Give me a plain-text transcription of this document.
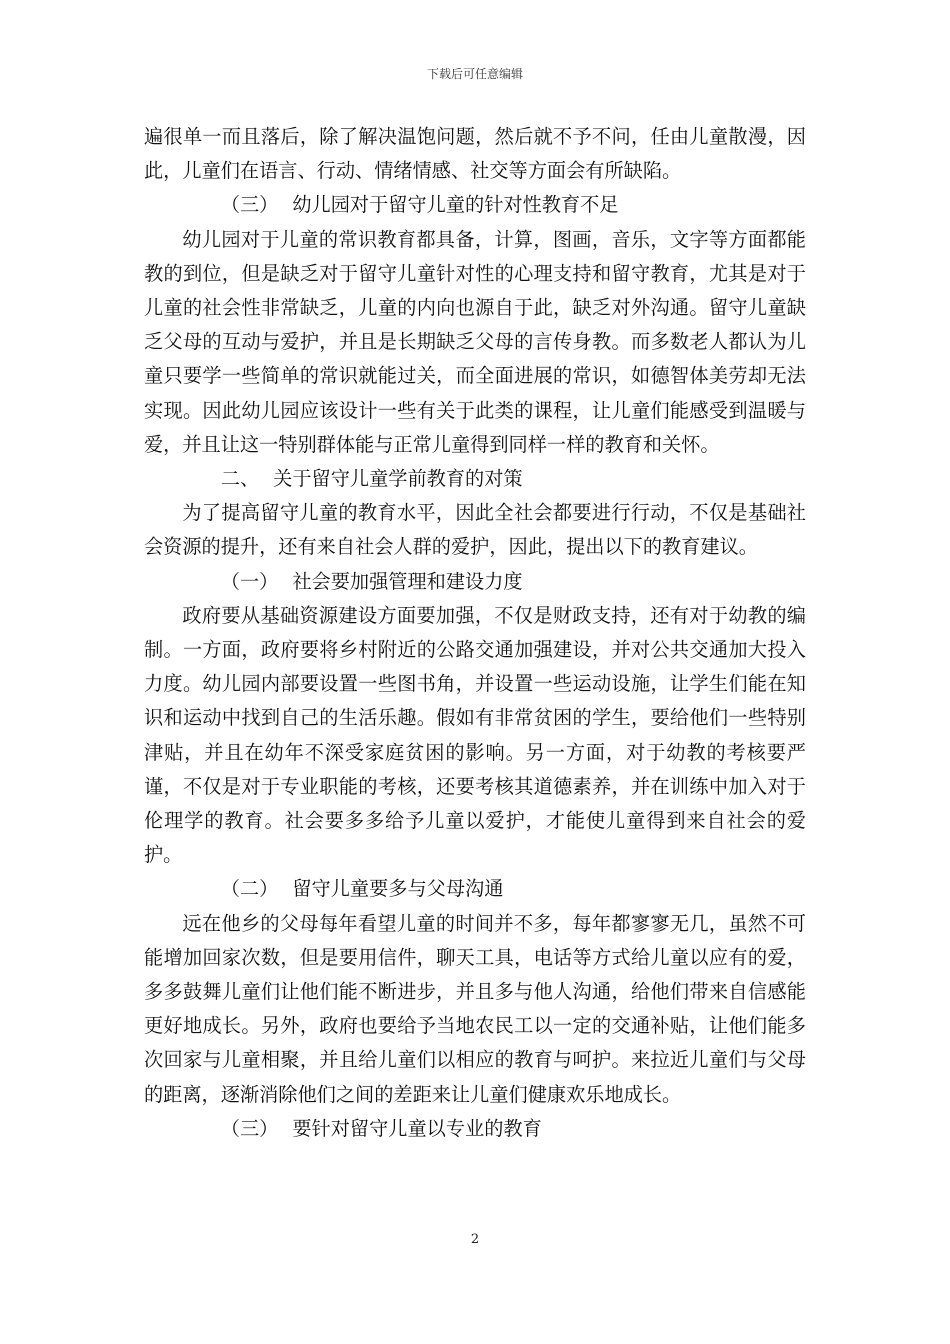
下载后可任意编辑

遍很单一而且落后，除了解决温饱问题，然后就不予不问，任由儿童散漫，因此，儿童们在语言、行动、情绪情感、社交等方面会有所缺陷。

（三） 幼儿园对于留守儿童的针对性教育不足

幼儿园对于儿童的常识教育都具备，计算，图画，音乐，文字等方面都能教的到位，但是缺乏对于留守儿童针对性的心理支持和留守教育，尤其是对于儿童的社会性非常缺乏，儿童的内向也源自于此，缺乏对外沟通。留守儿童缺乏父母的互动与爱护，并且是长期缺乏父母的言传身教。而多数老人都认为儿童只要学一些简单的常识就能过关，而全面进展的常识，如德智体美劳却无法实现。因此幼儿园应该设计一些有关于此类的课程，让儿童们能感受到温暖与爱，并且让这一特别群体能与正常儿童得到同样一样的教育和关怀。

二、 关于留守儿童学前教育的对策

为了提高留守儿童的教育水平，因此全社会都要进行行动，不仅是基础社会资源的提升，还有来自社会人群的爱护，因此，提出以下的教育建议。

（一） 社会要加强管理和建设力度

政府要从基础资源建设方面要加强，不仅是财政支持，还有对于幼教的编制。一方面，政府要将乡村附近的公路交通加强建设，并对公共交通加大投入力度。幼儿园内部要设置一些图书角，并设置一些运动设施，让学生们能在知识和运动中找到自己的生活乐趣。假如有非常贫困的学生，要给他们一些特别津贴，并且在幼年不深受家庭贫困的影响。另一方面，对于幼教的考核要严谨，不仅是对于专业职能的考核，还要考核其道德素养，并在训练中加入对于伦理学的教育。社会要多多给予儿童以爱护，才能使儿童得到来自社会的爱护。

（二） 留守儿童要多与父母沟通

远在他乡的父母每年看望儿童的时间并不多，每年都寥寥无几，虽然不可能增加回家次数，但是要用信件，聊天工具，电话等方式给儿童以应有的爱，多多鼓舞儿童们让他们能不断进步，并且多与他人沟通，给他们带来自信感能更好地成长。另外，政府也要给予当地农民工以一定的交通补贴，让他们能多次回家与儿童相聚，并且给儿童们以相应的教育与呵护。来拉近儿童们与父母的距离，逐渐消除他们之间的差距来让儿童们健康欢乐地成长。

（三） 要针对留守儿童以专业的教育

2
